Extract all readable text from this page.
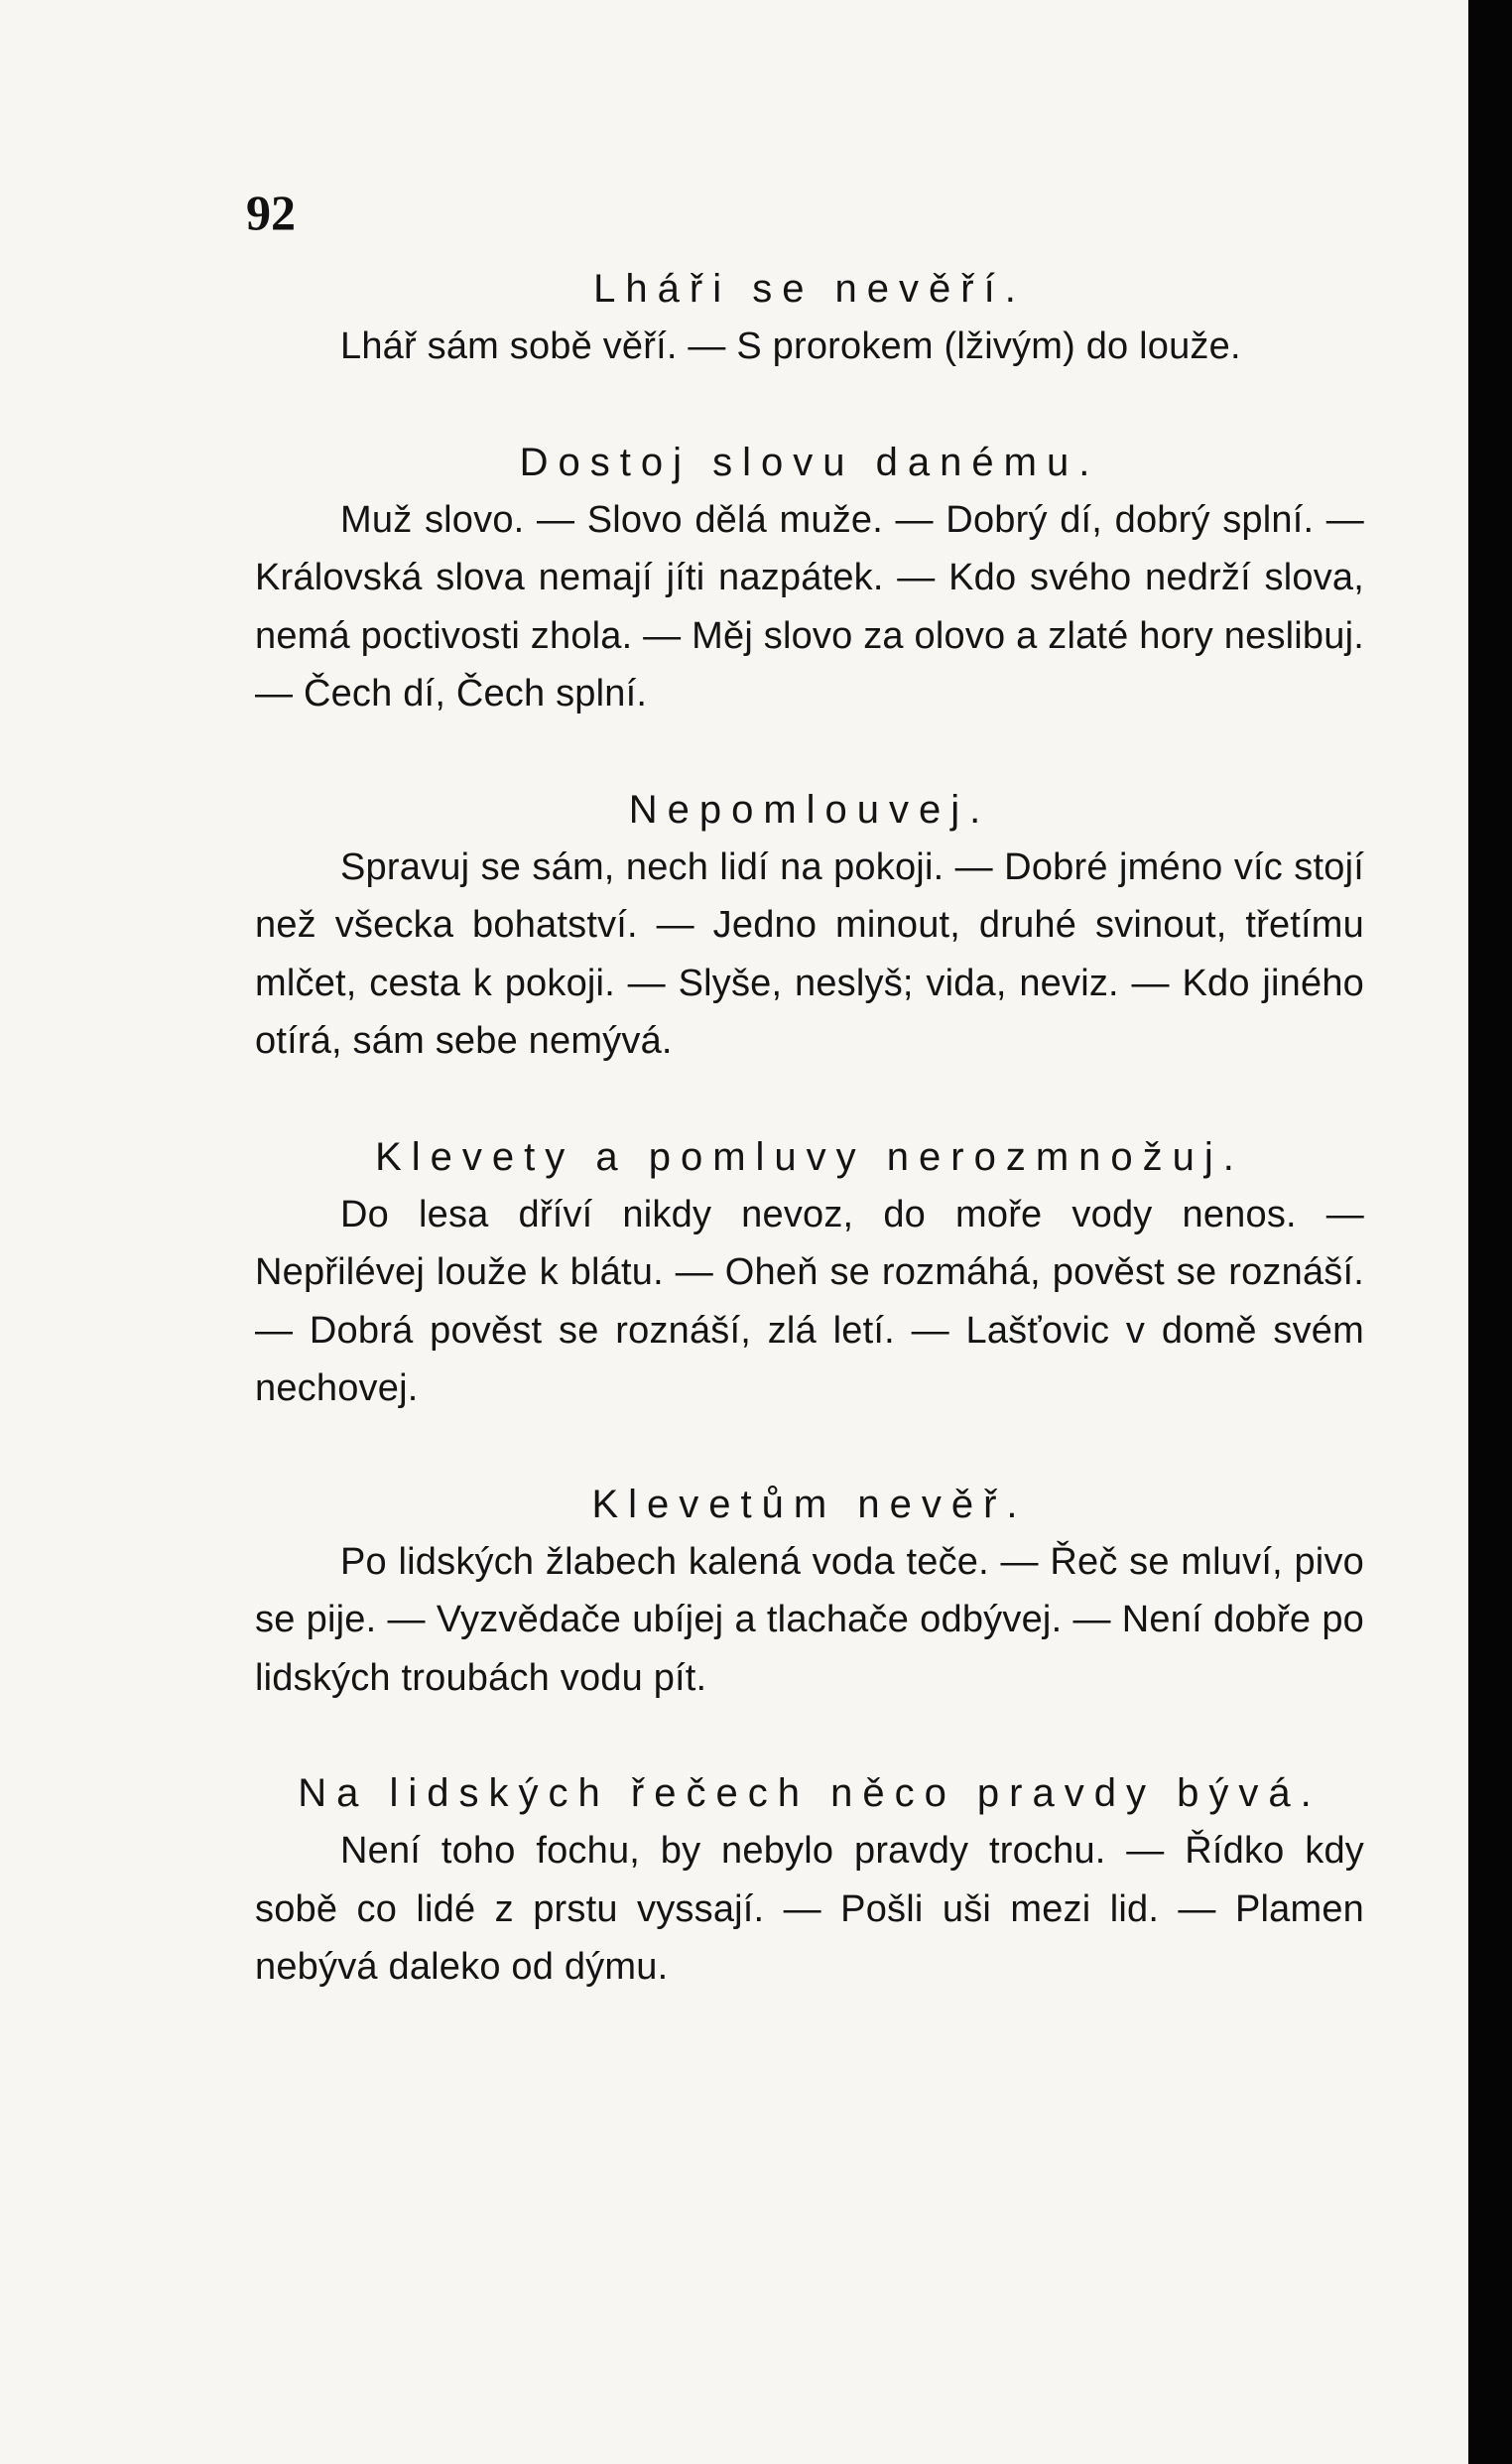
92
Lháři se nevěří.

Lhář sám sobě věří. — S prorokem (lživým) do louže.

Dostoj slovu danému.

Muž slovo. — Slovo dělá muže. — Dobrý dí, dobrý splní. — Královská slova nemají jíti nazpátek. — Kdo svého nedrží slova, nemá poctivosti zhola. — Měj slovo za olovo a zlaté hory neslibuj. — Čech dí, Čech splní.

Nepomlouvej.

Spravuj se sám, nech lidí na pokoji. — Dobré jméno víc stojí než všecka bohatství. — Jedno minout, druhé svinout, třetímu mlčet, cesta k pokoji. — Slyše, neslyš; vida, neviz. — Kdo jiného otírá, sám sebe nemývá.

Klevety a pomluvy nerozmnožuj.

Do lesa dříví nikdy nevoz, do moře vody nenos. — Nepřilévej louže k blátu. — Oheň se rozmáhá, pověst se roznáší. — Dobrá pověst se roznáší, zlá letí. — Lašťovic v domě svém nechovej.

Klevetům nevěř.

Po lidských žlabech kalená voda teče. — Řeč se mluví, pivo se pije. — Vyzvědače ubíjej a tlachače odbývej. — Není dobře po lidských troubách vodu pít.

Na lidských řečech něco pravdy bývá.

Není toho fochu, by nebylo pravdy trochu. — Řídko kdy sobě co lidé z prstu vyssají. — Pošli uši mezi lid. — Plamen nebývá daleko od dýmu.
